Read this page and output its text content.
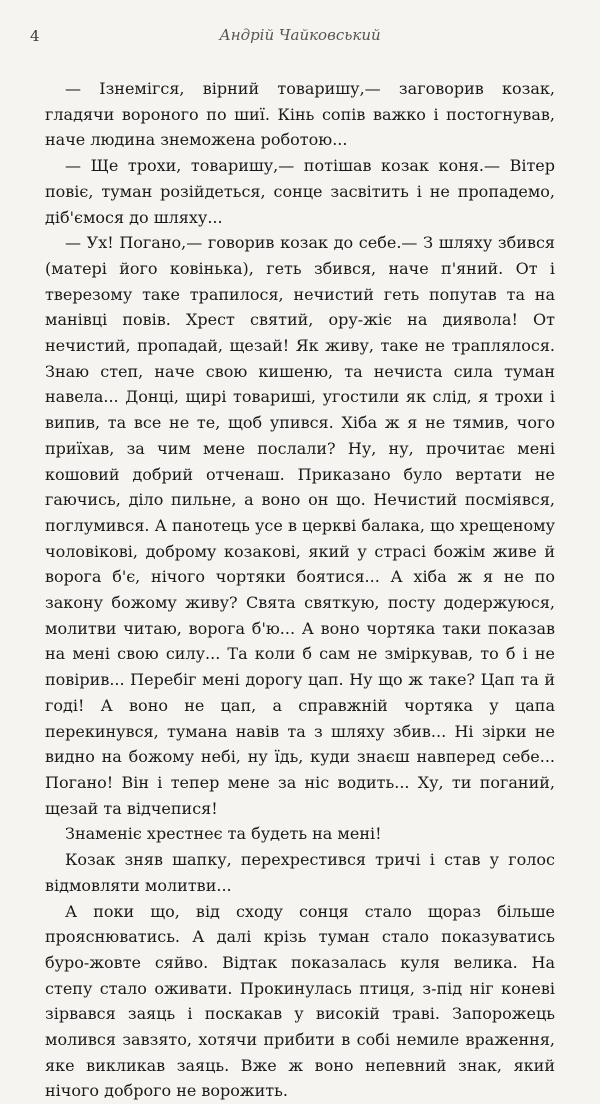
4	Андрій Чайковський

— Ізнемігся, вірний товаришу,— заговорив козак, гладячи вороного по шиї. Кінь сопів важко і постогнував, наче людина знеможена роботою...

— Ще трохи, товаришу,— потішав козак коня.— Вітер повіє, туман розійдеться, сонце засвітить і не пропадемо, діб'ємося до шляху...

— Ух! Погано,— говорив козак до себе.— З шляху збився (матері його ковінька), геть збився, наче п'яний. От і тверезому таке трапилося, нечистий геть попутав та на манівці повів. Хрест святий, ору-жіє на диявола! От нечистий, пропадай, щезай! Як живу, таке не траплялося. Знаю степ, наче свою кишеню, та нечиста сила туман навела... Донці, щирі товариші, угостили як слід, я трохи і випив, та все не те, щоб упився. Хіба ж я не тямив, чого приїхав, за чим мене послали? Ну, ну, прочитає мені кошовий добрий отченаш. Приказано було вертати не гаючись, діло пильне, а воно он що. Нечистий посміявся, поглумився. А панотець усе в церкві балака, що хрещеному чоловікові, доброму козакові, який у страсі божім живе й ворога б'є, нічого чортяки боятися... А хіба ж я не по закону божому живу? Свята святкую, посту додержуюся, молитви читаю, ворога б'ю... А воно чортяка таки показав на мені свою силу... Та коли б сам не зміркував, то б і не повірив... Перебіг мені дорогу цап. Ну що ж таке? Цап та й годі! А воно не цап, а справжній чортяка у цапа перекинувся, тумана навів та з шляху збив... Ні зірки не видно на божому небі, ну їдь, куди знаєш навперед себе... Погано! Він і тепер мене за ніс водить... Ху, ти поганий, щезай та відчепися!

Знаменіє хрестнеє та будеть на мені!

Козак зняв шапку, перехрестився тричі і став у голос відмовляти молитви...

А поки що, від сходу сонця стало щораз більше прояснюватись. А далі крізь туман стало показуватись буро-жовте сяйво. Відтак показалась куля велика. На степу стало оживати. Прокинулась птиця, з-під ніг коневі зірвався заяць і поскакав у високій траві. Запорожець молився завзято, хотячи прибити в собі немиле враження, яке викликав заяць. Вже ж воно непевний знак, який нічого доброго не ворожить.
